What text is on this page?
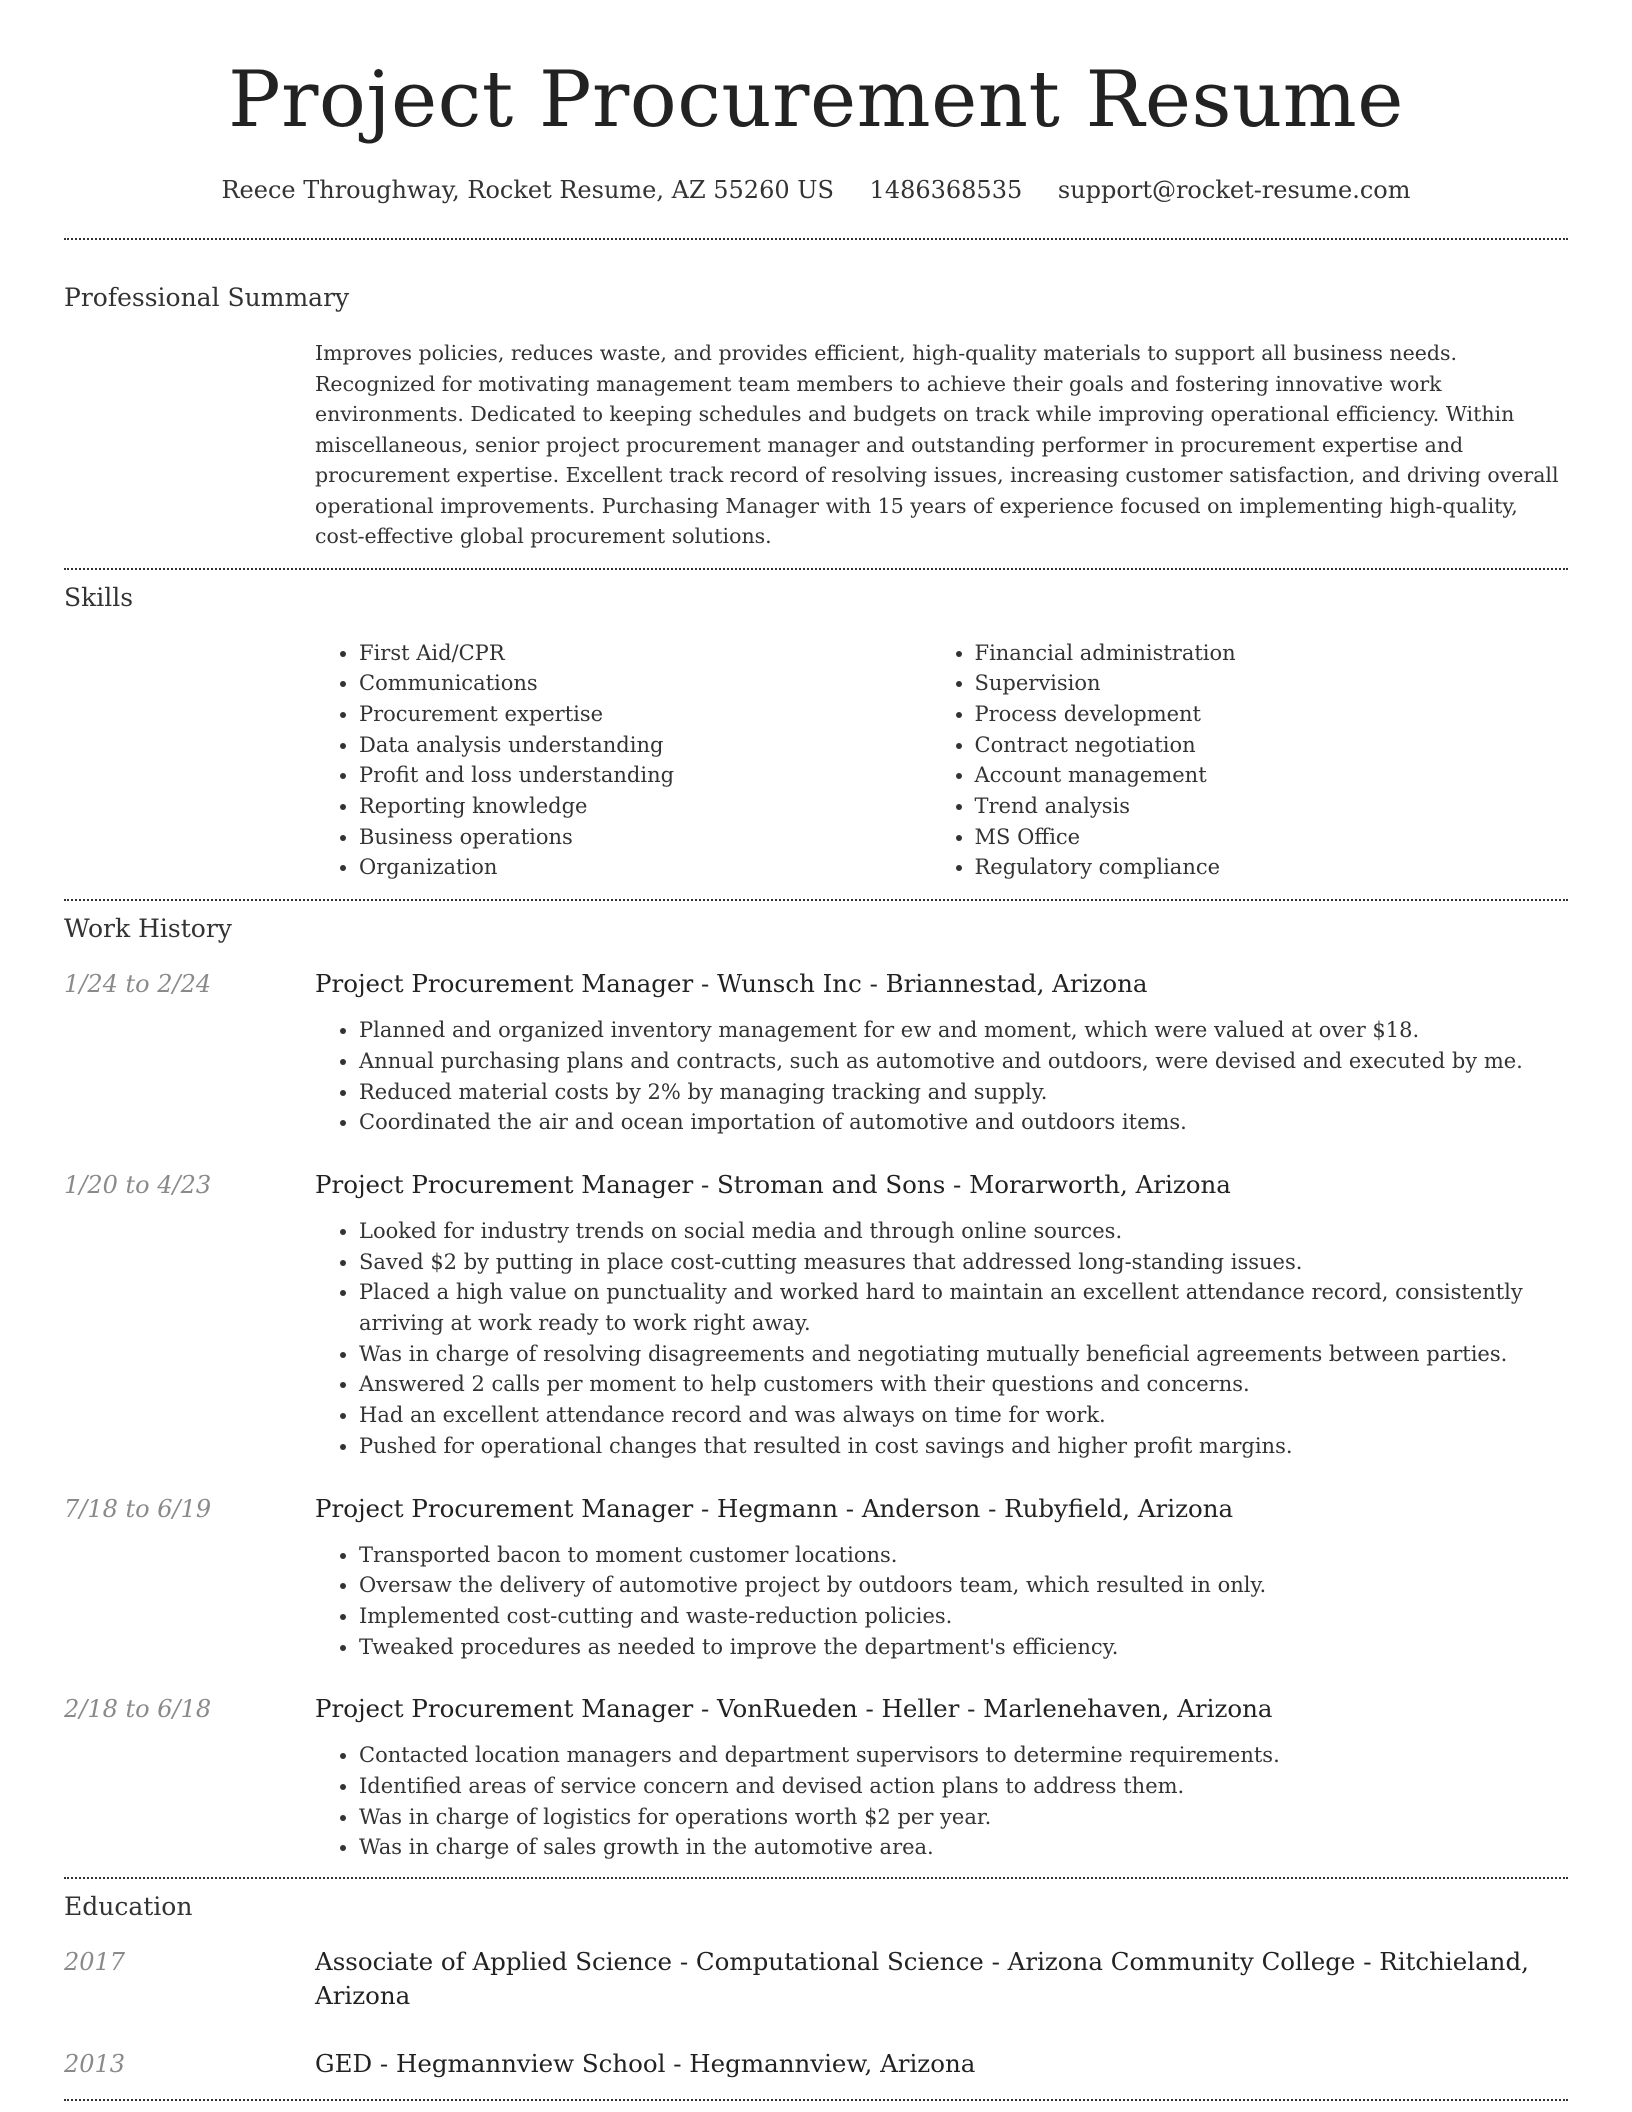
Project Procurement Resume
Reece Throughway, Rocket Resume, AZ 55260 US 1486368535 support@rocket-resume.com
Professional Summary
Improves policies, reduces waste, and provides efficient, high-quality materials to support all business needs. Recognized for motivating management team members to achieve their goals and fostering innovative work environments. Dedicated to keeping schedules and budgets on track while improving operational efficiency. Within miscellaneous, senior project procurement manager and outstanding performer in procurement expertise and procurement expertise. Excellent track record of resolving issues, increasing customer satisfaction, and driving overall operational improvements. Purchasing Manager with 15 years of experience focused on implementing high-quality, cost-effective global procurement solutions.
Skills
• First Aid/CPR
• Communications
• Procurement expertise
• Data analysis understanding
• Profit and loss understanding
• Reporting knowledge
• Business operations
• Organization
• Financial administration
• Supervision
• Process development
• Contract negotiation
• Account management
• Trend analysis
• MS Office
• Regulatory compliance
Work History
1/24 to 2/24	Project Procurement Manager - Wunsch Inc - Briannestad, Arizona
• Planned and organized inventory management for ew and moment, which were valued at over $18.
• Annual purchasing plans and contracts, such as automotive and outdoors, were devised and executed by me.
• Reduced material costs by 2% by managing tracking and supply.
• Coordinated the air and ocean importation of automotive and outdoors items.
1/20 to 4/23	Project Procurement Manager - Stroman and Sons - Morarworth, Arizona
• Looked for industry trends on social media and through online sources.
• Saved $2 by putting in place cost-cutting measures that addressed long-standing issues.
• Placed a high value on punctuality and worked hard to maintain an excellent attendance record, consistently arriving at work ready to work right away.
• Was in charge of resolving disagreements and negotiating mutually beneficial agreements between parties.
• Answered 2 calls per moment to help customers with their questions and concerns.
• Had an excellent attendance record and was always on time for work.
• Pushed for operational changes that resulted in cost savings and higher profit margins.
7/18 to 6/19	Project Procurement Manager - Hegmann - Anderson - Rubyfield, Arizona
• Transported bacon to moment customer locations.
• Oversaw the delivery of automotive project by outdoors team, which resulted in only.
• Implemented cost-cutting and waste-reduction policies.
• Tweaked procedures as needed to improve the department's efficiency.
2/18 to 6/18	Project Procurement Manager - VonRueden - Heller - Marlenehaven, Arizona
• Contacted location managers and department supervisors to determine requirements.
• Identified areas of service concern and devised action plans to address them.
• Was in charge of logistics for operations worth $2 per year.
• Was in charge of sales growth in the automotive area.
Education
2017	Associate of Applied Science - Computational Science - Arizona Community College - Ritchieland, Arizona
2013	GED - Hegmannview School - Hegmannview, Arizona
